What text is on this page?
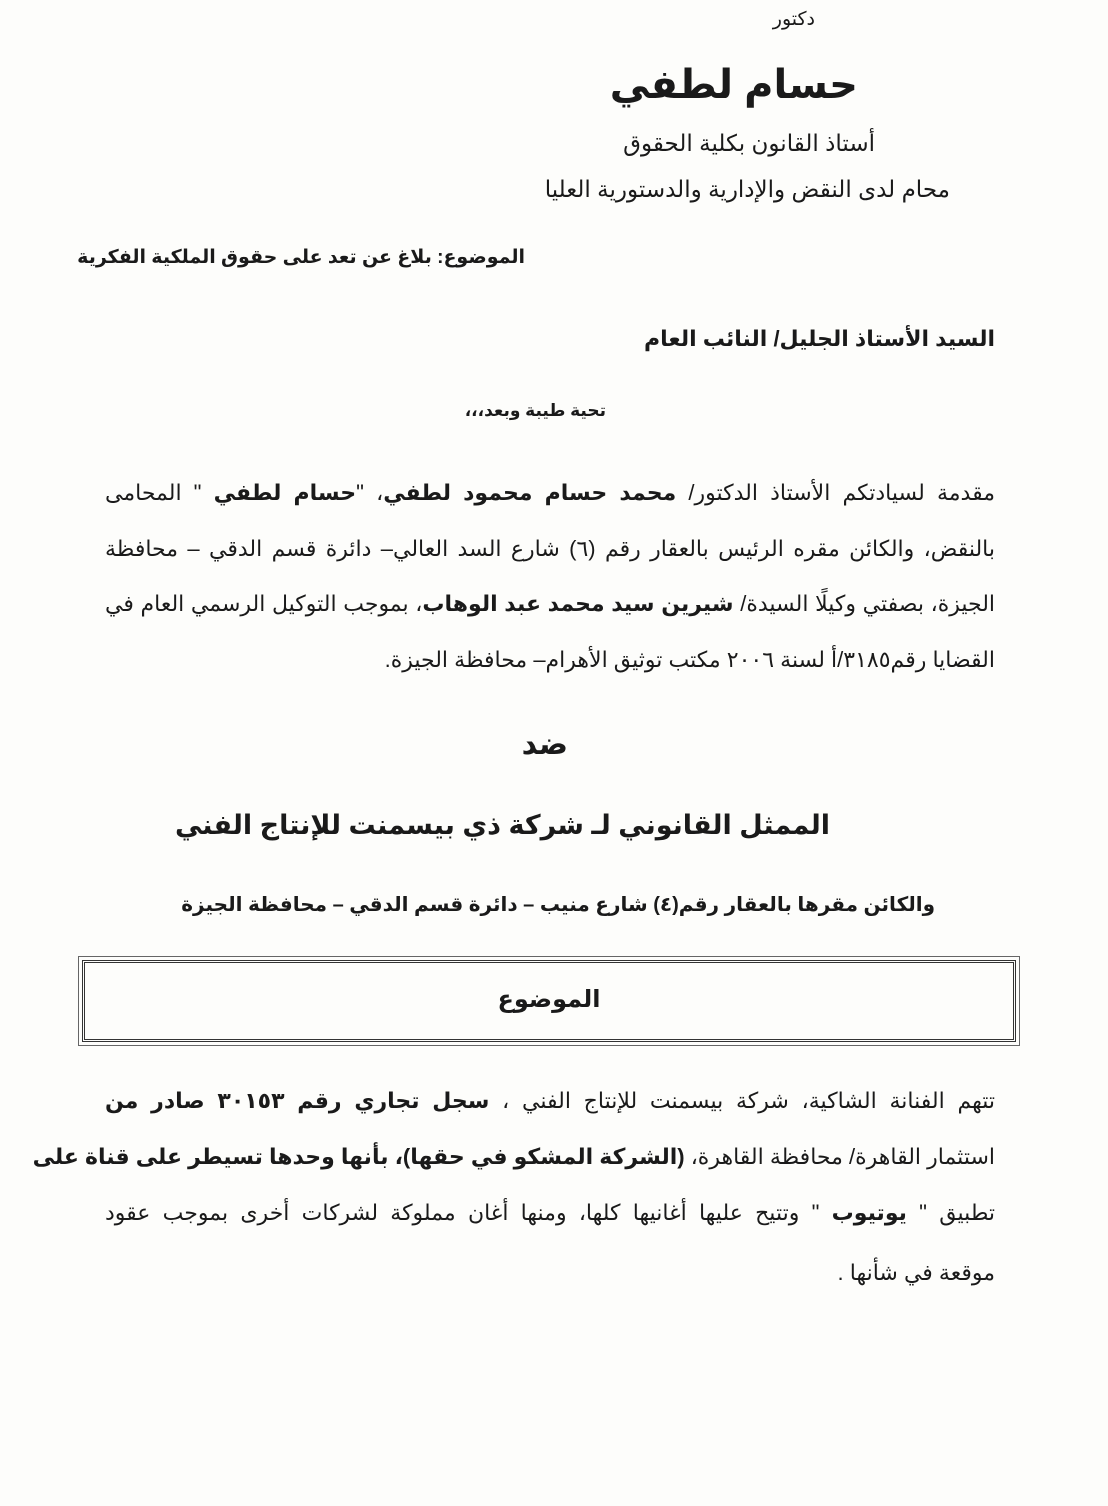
دكتور
حسام لطفي
أستاذ القانون بكلية الحقوق
محام لدى النقض والإدارية والدستورية العليا
الموضوع: بلاغ عن تعد على حقوق الملكية الفكرية
السيد الأستاذ الجليل/ النائب العام
تحية طيبة وبعد،،،
مقدمة لسيادتكم الأستاذ الدكتور/ محمد حسام محمود لطفي، "حسام لطفي " المحامى
بالنقض، والكائن مقره الرئيس بالعقار رقم (٦) شارع السد العالي– دائرة قسم الدقي – محافظة
الجيزة، بصفتي وكيلًا السيدة/ شيرين سيد محمد عبد الوهاب، بموجب التوكيل الرسمي العام في
القضايا رقم٣١٨٥/أ لسنة ٢٠٠٦ مكتب توثيق الأهرام– محافظة الجيزة.
ضد
الممثل القانوني لـ شركة ذي بيسمنت للإنتاج الفني
والكائن مقرها بالعقار رقم(٤) شارع منيب – دائرة قسم الدقي – محافظة الجيزة
الموضوع
تتهم الفنانة الشاكية، شركة بيسمنت للإنتاج الفني ، سجل تجاري رقم ٣٠١٥٣ صادر من
استثمار القاهرة/ محافظة القاهرة، (الشركة المشكو في حقها)، بأنها وحدها تسيطر على قناة على
تطبيق " يوتيوب " وتتيح عليها أغانيها كلها، ومنها أغان مملوكة لشركات أخرى بموجب عقود
موقعة في شأنها .
